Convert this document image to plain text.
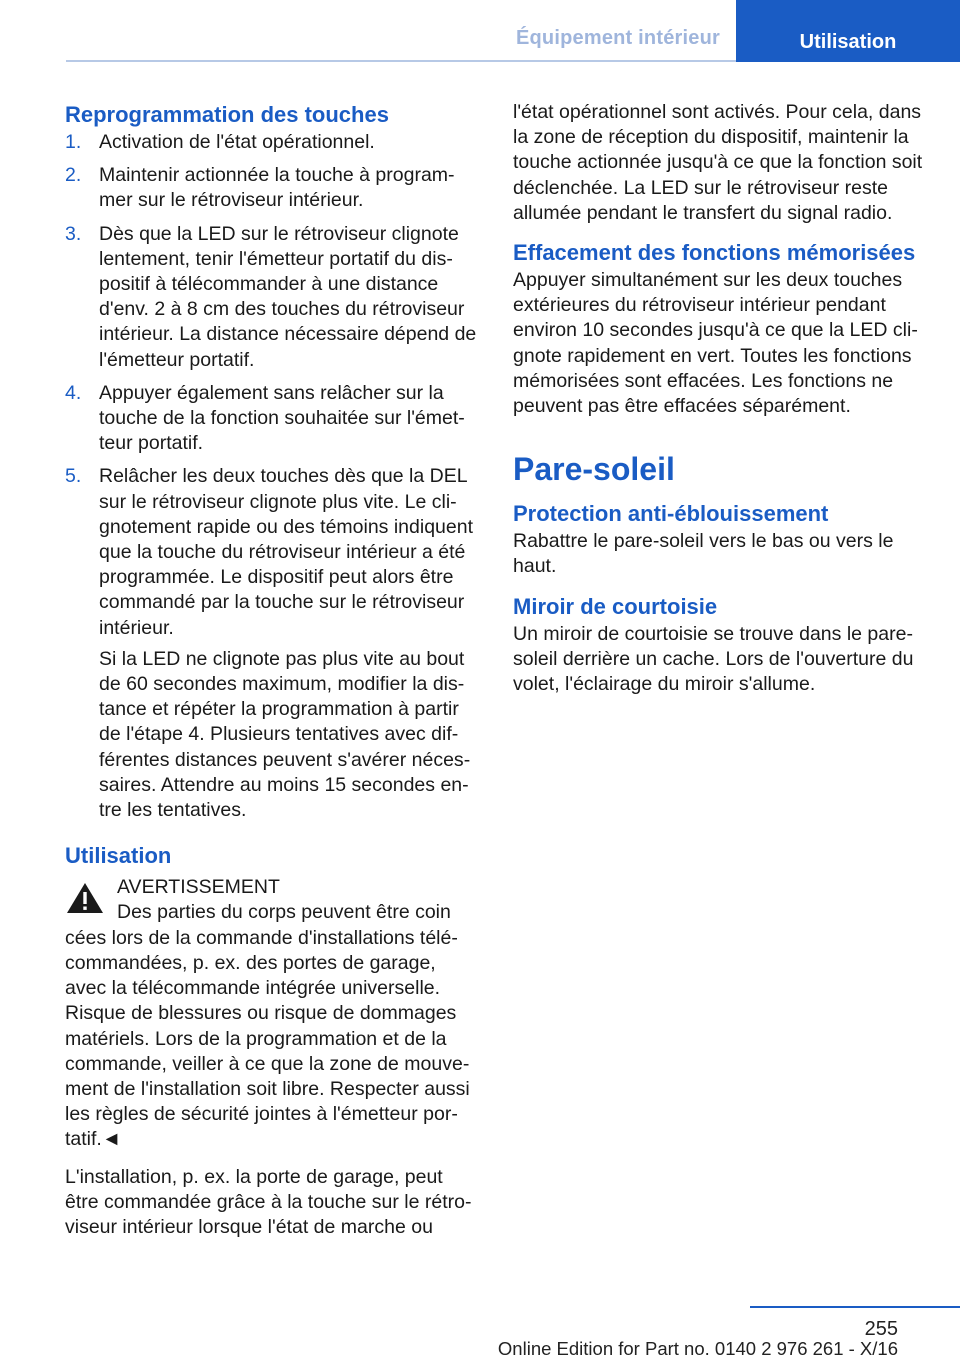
Équipement intérieur	Utilisation
Reprogrammation des touches
1. Activation de l'état opérationnel.
2. Maintenir actionnée la touche à programmer sur le rétroviseur intérieur.
3. Dès que la LED sur le rétroviseur clignote lentement, tenir l'émetteur portatif du dispositif à télécommander à une distance d'env. 2 à 8 cm des touches du rétroviseur intérieur. La distance nécessaire dépend de l'émetteur portatif.
4. Appuyer également sans relâcher sur la touche de la fonction souhaitée sur l'émetteur portatif.
5. Relâcher les deux touches dès que la DEL sur le rétroviseur clignote plus vite. Le clignotement rapide ou des témoins indiquent que la touche du rétroviseur intérieur a été programmée. Le dispositif peut alors être commandé par la touche sur le rétroviseur intérieur.

Si la LED ne clignote pas plus vite au bout de 60 secondes maximum, modifier la distance et répéter la programmation à partir de l'étape 4. Plusieurs tentatives avec différentes distances peuvent s'avérer nécessaires. Attendre au moins 15 secondes entre les tentatives.

Utilisation
AVERTISSEMENT
Des parties du corps peuvent être coin

cées lors de la commande d'installations télécommandées, p. ex. des portes de garage, avec la télécommande intégrée universelle. Risque de blessures ou risque de dommages matériels. Lors de la programmation et de la commande, veiller à ce que la zone de mouvement de l'installation soit libre. Respecter aussi les règles de sécurité jointes à l'émetteur portatif.◄

L'installation, p. ex. la porte de garage, peut être commandée grâce à la touche sur le rétroviseur intérieur lorsque l'état de marche ou

l'état opérationnel sont activés. Pour cela, dans la zone de réception du dispositif, maintenir la touche actionnée jusqu'à ce que la fonction soit déclenchée. La LED sur le rétroviseur reste allumée pendant le transfert du signal radio.

Effacement des fonctions mémorisées

Appuyer simultanément sur les deux touches extérieures du rétroviseur intérieur pendant environ 10 secondes jusqu'à ce que la LED clignote rapidement en vert. Toutes les fonctions mémorisées sont effacées. Les fonctions ne peuvent pas être effacées séparément.

Pare-soleil
Protection anti-éblouissement

Rabattre le pare-soleil vers le bas ou vers le haut.

Miroir de courtoisie

Un miroir de courtoisie se trouve dans le paresoleil derrière un cache. Lors de l'ouverture du volet, l'éclairage du miroir s'allume.

255
Online Edition for Part no. 0140 2 976 261 - X/16
